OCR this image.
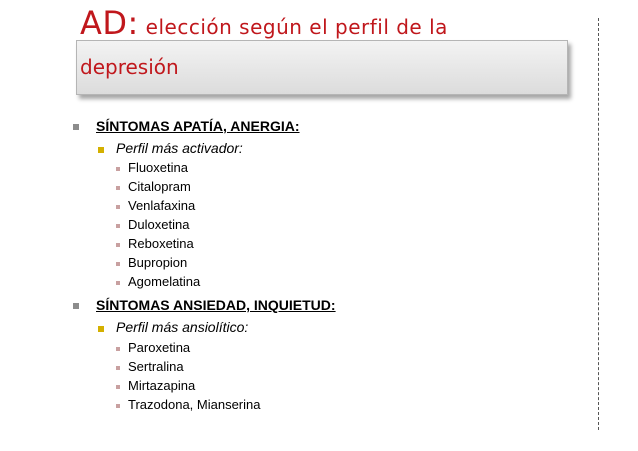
AD: elección según el perfil de la
depresión
SÍNTOMAS APATÍA, ANERGIA:
Perfil más activador:
Fluoxetina
Citalopram
Venlafaxina
Duloxetina
Reboxetina
Bupropion
Agomelatina
SÍNTOMAS ANSIEDAD, INQUIETUD:
Perfil más ansiolítico:
Paroxetina
Sertralina
Mirtazapina
Trazodona, Mianserina
